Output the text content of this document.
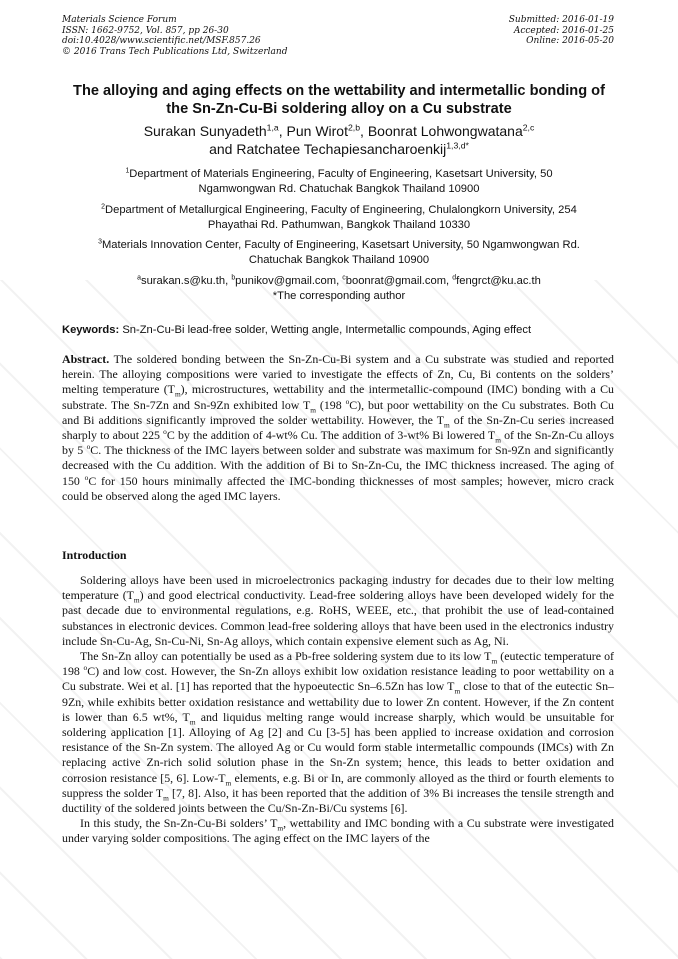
Materials Science Forum
ISSN: 1662-9752, Vol. 857, pp 26-30
doi:10.4028/www.scientific.net/MSF.857.26
© 2016 Trans Tech Publications Ltd, Switzerland
Submitted: 2016-01-19
Accepted: 2016-01-25
Online: 2016-05-20
The alloying and aging effects on the wettability and intermetallic bonding of the Sn-Zn-Cu-Bi soldering alloy on a Cu substrate
Surakan Sunyadeth$^{1,a}$, Pun Wirot$^{2,b}$, Boonrat Lohwongwatana$^{2,c}$
and Ratchatee Techapiesancharoenkij$^{1,3,d*}$
$^1$Department of Materials Engineering, Faculty of Engineering, Kasetsart University, 50
Ngamwongwan Rd. Chatuchak Bangkok Thailand 10900
$^2$Department of Metallurgical Engineering, Faculty of Engineering, Chulalongkorn University, 254
Phayathai Rd. Pathumwan, Bangkok Thailand 10330
$^3$Materials Innovation Center, Faculty of Engineering, Kasetsart University, 50 Ngamwongwan Rd.
Chatuchak Bangkok Thailand 10900
$^a$surakan.s@ku.th, $^b$punikov@gmail.com, $^c$boonrat@gmail.com, $^d$fengrct@ku.ac.th
*The corresponding author
Keywords: Sn-Zn-Cu-Bi lead-free solder, Wetting angle, Intermetallic compounds, Aging effect
Abstract. The soldered bonding between the Sn-Zn-Cu-Bi system and a Cu substrate was studied and reported herein. The alloying compositions were varied to investigate the effects of Zn, Cu, Bi contents on the solders’ melting temperature $(T_m)$, microstructures, wettability and the intermetallic-compound (IMC) bonding with a Cu substrate. The Sn-7Zn and Sn-9Zn exhibited low $T_m$ (198 $^o$C), but poor wettability on the Cu substrates. Both Cu and Bi additions significantly improved the solder wettability. However, the $T_m$ of the Sn-Zn-Cu series increased sharply to about 225 $^o$C by the addition of 4-wt% Cu. The addition of 3-wt% Bi lowered $T_m$ of the Sn-Zn-Cu alloys by 5 $^o$C. The thickness of the IMC layers between solder and substrate was maximum for Sn-9Zn and significantly decreased with the Cu addition. With the addition of Bi to Sn-Zn-Cu, the IMC thickness increased. The aging of 150 $^o$C for 150 hours minimally affected the IMC-bonding thicknesses of most samples; however, micro crack could be observed along the aged IMC layers.
Introduction

Soldering alloys have been used in microelectronics packaging industry for decades due to their low melting temperature $(T_m)$ and good electrical conductivity. Lead-free soldering alloys have been developed widely for the past decade due to environmental regulations, e.g. RoHS, WEEE, etc., that prohibit the use of lead-contained substances in electronic devices. Common lead-free soldering alloys that have been used in the electronics industry include Sn-Cu-Ag, Sn-Cu-Ni, Sn-Ag alloys, which contain expensive element such as Ag, Ni.

The Sn-Zn alloy can potentially be used as a Pb-free soldering system due to its low $T_m$ (eutectic temperature of 198 $^o$C) and low cost. However, the Sn-Zn alloys exhibit low oxidation resistance leading to poor wettability on a Cu substrate. Wei et al. [1] has reported that the hypoeutectic Sn–6.5Zn has low $T_m$ close to that of the eutectic Sn–9Zn, while exhibits better oxidation resistance and wettability due to lower Zn content. However, if the Zn content is lower than 6.5 wt%, $T_m$ and liquidus melting range would increase sharply, which would be unsuitable for soldering application [1]. Alloying of Ag [2] and Cu [3-5] has been applied to increase oxidation and corrosion resistance of the Sn-Zn system. The alloyed Ag or Cu would form stable intermetallic compounds (IMCs) with Zn replacing active Zn-rich solid solution phase in the Sn-Zn system; hence, this leads to better oxidation and corrosion resistance [5, 6]. Low-$T_m$ elements, e.g. Bi or In, are commonly alloyed as the third or fourth elements to suppress the solder $T_m$ [7, 8]. Also, it has been reported that the addition of 3% Bi increases the tensile strength and ductility of the soldered joints between the Cu/Sn-Zn-Bi/Cu systems [6].

In this study, the Sn-Zn-Cu-Bi solders’ $T_m$, wettability and IMC bonding with a Cu substrate were investigated under varying solder compositions. The aging effect on the IMC layers of the
